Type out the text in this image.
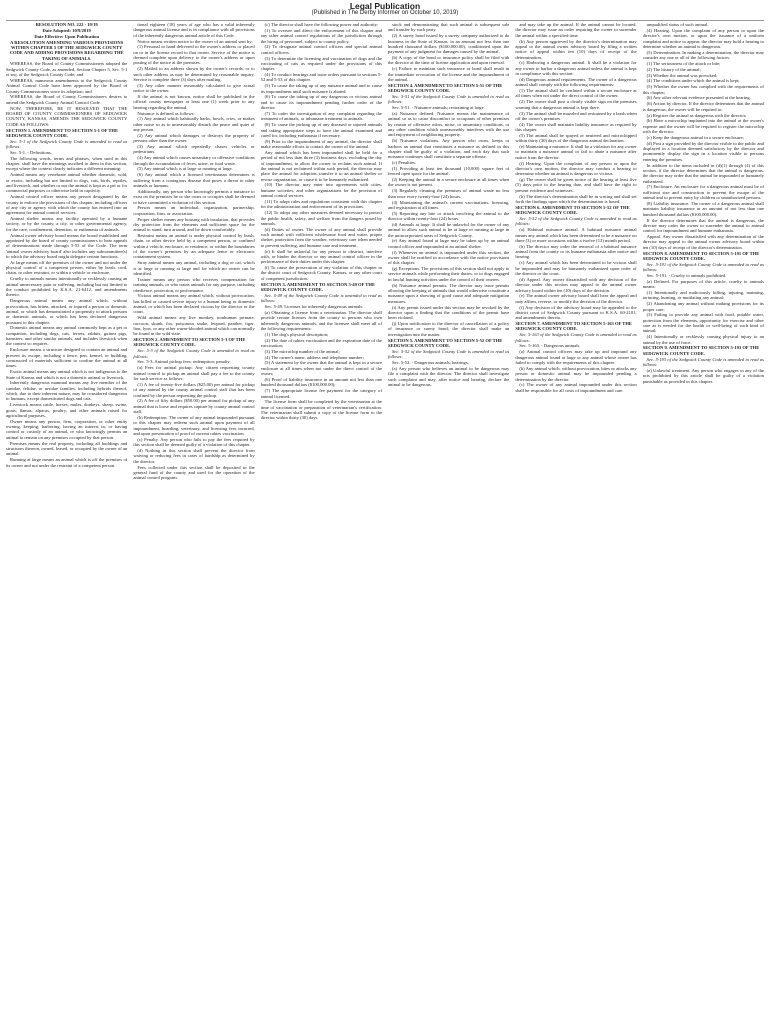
Legal Publication
(Published in The Derby Informer on October 10, 2019)

RESOLUTION NO. 222 - 19/19

Date Adopted: 10/9/2019

Date Effective: Upon Publication

A RESOLUTION AMENDING VARIOUS PROVISIONS WITHIN CHAPTER 5 OF THE SEDGWICK COUNTY CODE AND ADDING PROVISIONS REGARDING THE TAKING OF ANIMALS.

WHEREAS, the Board of County Commissioners adopted the Sedgwick County Code, as amended, Section Chapter 5, Sec. 5-1 et seq. of the Sedgwick County Code; and

WHEREAS, numerous amendments to the Sedgwick County Animal Control Code have been approved by the Board of County Commissioners since its adoption; and

WHEREAS, the Board of County Commissioners desires to amend the Sedgwick County Animal Control Code.

NOW, THEREFORE, BE IT RESOLVED THAT THE BOARD OF COUNTY COMMISSIONERS OF SEDGWICK COUNTY, KANSAS, AMENDS THE SEDGWICK COUNTY CODE AS FOLLOWS:

SECTION 1. AMENDMENT TO SECTION 5-1 OF THE SEDGWICK COUNTY CODE.

Sec. 5-1 of the Sedgwick County Code is amended to read as follows:

Sec. 5-1. - Definitions.

The following words, terms and phrases, when used in this chapter, shall have the meanings ascribed to them in this section, except where the context clearly indicates a different meaning:

Animal means any vertebrate animal whether domestic, wild, or exotic, including but not limited to dogs, cats, birds, reptiles, and livestock, and whether or not the animal is kept as a pet or for commercial purposes or otherwise held in captivity.

Animal control officer means any person designated by the county to enforce the provisions of this chapter, including officers of any city or agency with which the county has entered into an agreement for animal control services.

Animal shelter means any facility operated by a humane society, or by the county, a city, or other governmental agency, for the care, confinement, detention, or euthanasia of animals.

Animal owner advisory board means the board established and appointed by the board of county commissioners to hear appeals of determinations made through 5-55 of the Code. The term 'animal owner advisory board' also includes any subcommittee(s) to which the advisory board might delegate certain functions.

At large means off the premises of the owner and not under the physical control of a competent person, either by leash, cord, chain, or other restraint, or within a vehicle or enclosure.

Cruelty to animals means intentionally or recklessly causing an animal unnecessary pain or suffering, including but not limited to the conduct prohibited by K.S.A. 21-6412, and amendments thereto.

Dangerous animal means any animal which, without provocation, has bitten, attacked, or injured a person or domestic animal, or which has demonstrated a propensity to attack persons or domestic animals, or which has been declared dangerous pursuant to this chapter.

Domestic animal means any animal commonly kept as a pet or companion, including dogs, cats, ferrets, rabbits, guinea pigs, hamsters, and other similar animals, and includes livestock when the context so requires.

Enclosure means a structure designed to contain an animal and prevent its escape, including a fence, pen, kennel, or building, constructed of materials sufficient to confine the animal at all times.

Exotic animal means any animal which is not indigenous to the State of Kansas and which is not a domestic animal or livestock.

Inherently dangerous mammal means any live member of the canidae, felidae, or ursidae families, including hybrids thereof, which, due to their inherent nature, may be considered dangerous to humans, except domesticated dogs and cats.

Livestock means cattle, horses, mules, donkeys, sheep, swine, goats, llamas, alpacas, poultry, and other animals raised for agricultural purposes.

Owner means any person, firm, corporation, or other entity owning, keeping, harboring, having an interest in, or having control or custody of an animal, or who knowingly permits an animal to remain on any premises occupied by that person.

Premises means the real property, including all buildings and structures thereon, owned, leased, or occupied by the owner of an animal.

Running at large means an animal which is off the premises of its owner and not under the restraint of a competent person.

tional eighteen (18) years of age who has a valid inherently dangerous animal license and is in compliance with all provisions of the inherently dangerous animal article of this Code.

Notice means written notice to the owner of an animal sent by:

(1) Personal or hand delivered to the owner's address or placed on or in the license record to that owner. Service of the notice is deemed complete upon delivery to the owner's address or upon posting of the notice at the premises.

(2) Mailed to an address shown by the owner's records, or to such other address as may be determined by reasonable inquiry. Service is complete three (3) days after mailing.

(3) Any other manner reasonably calculated to give actual notice to the owner.

If the animal is not known, notice shall be published in the official county newspaper at least one (1) week prior to any hearing regarding the animal.

Nuisance is defined as follows:

(1) Any animal which habitually barks, howls, cries, or makes other noise so as to unreasonably disturb the peace and quiet of any person.

(2) Any animal which damages or destroys the property of persons other than the owner.

(3) Any animal which repeatedly chases vehicles or pedestrians.

(4) Any animal which causes unsanitary or offensive conditions through the accumulation of feces, urine, or food waste.

(5) Any animal which is at large or running at large.

(6) Any animal which a licensed veterinarian determines is suffering from a contagious disease that poses a threat to other animals or humans.

Additionally, any person who knowingly permits a nuisance to exist on the premises he or she owns or occupies shall be deemed to have committed a violation of this section.

Person means an individual, organization, partnership, corporation, firm, or association.

Proper shelter means any housing with insulation, that provides dry protection from the elements and sufficient space for the animal to stand, turn around, and lie down comfortably.

Restraint means an animal is under physical control by leash, chain, or other device held by a competent person, or confined within a vehicle, enclosure, or residence, or within the boundaries of the owner's premises by an adequate fence or electronic containment system.

Stray animal means any animal, including a dog or cat, which is at large or running at large and for which no owner can be identified.

Trainer means any person who receives compensation for training animals, or who trains animals for any purpose, including obedience, protection, or performance.

Vicious animal means any animal which, without provocation, has killed or caused severe injury to a human being or domestic animal, or which has been declared vicious by the director or the court.

Wild animal means any live monkey, nonhuman primate, raccoon, skunk, fox, poisonous snake, leopard, panther, tiger, lion, lynx, or any other warm-blooded animal which can normally be found in the wild state.

SECTION 2. AMENDMENT TO SECTION 5-3 OF THE SEDGWICK COUNTY CODE.

Sec. 5-3 of the Sedgwick County Code is amended to read as follows:

Sec. 5-3. Animal pickup fees; redemption; penalty.

(a) Fees for animal pickup. Any citizen requesting county animal control to pickup an animal shall pay a fee to the county for such service as follows:

(1) A fee of twenty-five dollars ($25.00) per animal for pickup of any animal by the county animal control staff that has been confined by the person requesting the pickup.

(2) A fee of fifty dollars ($50.00) per animal for pickup of any animal that is loose and requires capture by county animal control staff.

(b) Redemption. The owner of any animal impounded pursuant to this chapter may redeem such animal upon payment of all impoundment, boarding, veterinary, and licensing fees incurred, and upon presentation of proof of current rabies vaccination.

(c) Penalty. Any person who fails to pay the fees required by this section shall be deemed guilty of a violation of this chapter.

(d) Nothing in this section shall prevent the director from waiving or reducing fees in cases of hardship as determined by the director.

Fees collected under this section shall be deposited in the general fund of the county and used for the operation of the animal control program.

(c) The director shall have the following power and authority:

(1) To oversee and direct the enforcement of this chapter and any other animal control regulations of the jurisdiction through the hiring of personnel, subject to county policy.

(2) To designate animal control officers and special animal control officers.

(3) To determine the licensing and vaccination of dogs and the vaccinating of cats as required under the provisions of this chapter.

(4) To conduct hearings and issue orders pursuant to sections 5-52 and 5-53 of this chapter.

(5) To cause the taking up of any nuisance animal and to cause its impoundment until such nuisance is abated.

(6) To cause the taking up of any dangerous or vicious animal and to cause its impoundment pending further order of the director.

(7) To order the investigation of any complaint regarding the treatment of animals, or inhumane treatment to animals.

(8) To cause the picking up of any diseased or injured animals and taking appropriate steps to have the animal examined and cared for, including euthanasia if necessary.

(9) Prior to the impoundment of any animal, the director shall make reasonable efforts to contact the owner of the animal.

Any animal which has been impounded shall be held for a period of not less than three (3) business days, excluding the day of impoundment, to allow the owner to reclaim such animal. If the animal is not reclaimed within such period, the director may place the animal for adoption, transfer it to an animal shelter or rescue organization, or cause it to be humanely euthanized.

(10) The director may enter into agreements with cities, humane societies, and other organizations for the provision of animal control services.

(11) To adopt rules and regulations consistent with this chapter for the administration and enforcement of its provisions.

(12) To adopt any other measures deemed necessary to protect the public health, safety, and welfare from the dangers posed by animals.

(d) Duties of owner. The owner of any animal shall provide such animal with sufficient wholesome food and water, proper shelter, protection from the weather, veterinary care when needed to prevent suffering, and humane care and treatment.

(e) It shall be unlawful for any person to obstruct, interfere with, or hinder the director or any animal control officer in the performance of their duties under this chapter.

(f) To cause the prosecution of any violation of this chapter in the district court of Sedgwick County, Kansas, or any other court of competent jurisdiction.

SECTION 3. AMENDMENT TO SECTION 5-49 OF THE SEDGWICK COUNTY CODE.

Sec. 5-49 of the Sedgwick County Code is amended to read as follows:

Sec. 5-49. Licenses for inherently dangerous animals.

(a) Obtaining a license from a veterinarian. The director shall provide certain licenses from the county to persons who own inherently dangerous animals, and the licensee shall meet all of the following requirements:

(1) The dog's physical description;

(2) The date of rabies vaccination and the expiration date of the vaccination;

(3) The microchip number of the animal;

(4) The owner's name, address and telephone number;

(5) A statement by the owner that the animal is kept in a secure enclosure at all times when not under the direct control of the owner;

(6) Proof of liability insurance in an amount not less than one hundred thousand dollars ($100,000.00);

(7) The appropriate license fee payment for the category of animal licensed.

The license form shall be completed by the veterinarian at the time of vaccination or preparation of veterinarian's certification. The veterinarian shall submit a copy of the license form to the director within thirty (30) days.

stock and demonstrating that such animal is subsequent sale and transfer by such party.

(2) A surety bond issued by a surety company authorized to do business in the State of Kansas, in an amount not less than one hundred thousand dollars ($100,000.00), conditioned upon the payment of any judgment for damages caused by the animal.

(b) A copy of the bond or insurance policy shall be filed with the director at the time of license application and upon renewal.

(c) Failure to maintain such insurance or bond shall result in the immediate revocation of the license and the impoundment of the animal.

SECTION 4. AMENDMENT TO SECTION 5-51 OF THE SEDGWICK COUNTY CODE.

Sec. 5-51 of the Sedgwick County Code is amended to read as follows:

Sec. 5-51. - Nuisance animals; restraining at large.

(a) Nuisance defined. Nuisance means the maintenance of animal so as to cause discomfort to occupants of other premises by reason of offensive odors, noise, or unsanitary conditions, or any other condition which unreasonably interferes with the use and enjoyment of neighboring property.

(b) Nuisance violations. Any person who owns, keeps or harbors an animal that constitutes a nuisance as defined in this chapter shall be guilty of a violation, and each day that such nuisance continues shall constitute a separate offense.

(c) Penalties.

(1) Providing at least ten thousand (10,000) square feet of fenced open space for the animal.

(2) Keeping the animal in a secure enclosure at all times when the owner is not present.

(3) Regularly cleaning the premises of animal waste no less than once every twenty-four (24) hours.

(4) Maintaining the animal's current vaccinations, licensing, and registration at all times.

(5) Reporting any bite or attack involving the animal to the director within twenty-four (24) hours.

(d) Animals at large. It shall be unlawful for the owner of any animal to allow such animal to be at large or running at large in the unincorporated areas of Sedgwick County.

(e) Any animal found at large may be taken up by an animal control officer and impounded at an animal shelter.

(f) Whenever an animal is impounded under this section, the owner shall be notified in accordance with the notice provisions of this chapter.

(g) Exceptions. The provisions of this section shall not apply to service animals while performing their duties, or to dogs engaged in lawful hunting activities under the control of their owners.

(h) Nuisance animal permits. The director may issue permits allowing the keeping of animals that would otherwise constitute a nuisance upon a showing of good cause and adequate mitigation measures.

(i) Any permit issued under this section may be revoked by the director upon a finding that the conditions of the permit have been violated.

(j) Upon notification to the director of cancellation of a policy of insurance or surety bond, the director shall make an investigation into the matter.

SECTION 5. AMENDMENT TO SECTION 5-52 OF THE SEDGWICK COUNTY CODE.

Sec. 5-52 of the Sedgwick County Code is amended to read as follows:

Sec. 5-52. - Dangerous animals; hearings.

(a) Any person who believes an animal to be dangerous may file a complaint with the director. The director shall investigate such complaint and may, after notice and hearing, declare the animal to be dangerous.

and may take up the animal. If the animal cannot be located, the director may issue an order requiring the owner to surrender the animal within a specified time.

(b) Any person aggrieved by the director's determination may appeal to the animal owner advisory board by filing a written notice of appeal within ten (10) days of receipt of the determination.

(c) Harboring a dangerous animal. It shall be a violation for any owner to harbor a dangerous animal unless the animal is kept in compliance with this section.

(d) Dangerous animal requirements. The owner of a dangerous animal shall comply with the following requirements:

(1) The animal shall be confined within a secure enclosure at all times when not under the direct control of the owner.

(2) The owner shall post a clearly visible sign on the premises warning that a dangerous animal is kept there.

(3) The animal shall be muzzled and restrained by a leash when off the owner's premises.

(4) The owner shall maintain liability insurance as required by this chapter.

(5) The animal shall be spayed or neutered and microchipped within thirty (30) days of the dangerous animal declaration.

(e) Maintaining a nuisance. It shall be a violation for any owner to maintain a nuisance animal or fail to abate a nuisance after notice from the director.

(f) Hearing. Upon the complaint of any person or upon the director's own motion, the director may conduct a hearing to determine whether an animal is dangerous or vicious.

(g) The owner shall be given notice of the hearing at least five (5) days prior to the hearing date, and shall have the right to present evidence and witnesses.

(h) The director's determination shall be in writing and shall set forth the findings upon which the determination is based.

SECTION 6. AMENDMENT TO SECTION 5-52 OF THE SEDGWICK COUNTY CODE.

Sec. 5-52 of the Sedgwick County Code is amended to read as follows:

(a) Habitual nuisance animal. A habitual nuisance animal means any animal which has been determined to be a nuisance on three (3) or more occasions within a twelve (12) month period.

(b) The director may order the removal of a habitual nuisance animal from the county or its humane euthanasia after notice and hearing.

(c) Any animal which has been determined to be vicious shall be impounded and may be humanely euthanized upon order of the director or the court.

(d) Appeal. Any owner dissatisfied with any decision of the director under this section may appeal to the animal owner advisory board within ten (10) days of the decision.

(e) The animal owner advisory board shall hear the appeal and may affirm, reverse, or modify the decision of the director.

(f) Any decision of the advisory board may be appealed to the district court of Sedgwick County pursuant to K.S.A. 60-2101, and amendments thereto.

SECTION 7. AMENDMENT TO SECTION 5-163 OF THE SEDGWICK COUNTY CODE.

Sec. 5-163 of the Sedgwick County Code is amended to read as follows:

Sec. 5-163. - Dangerous animals.

(a) Animal control officers may take up and impound any dangerous animal found at large or any animal whose owner has failed to comply with the requirements of this chapter.

(b) Any animal which, without provocation, bites or attacks any person or domestic animal may be impounded pending a determination by the director.

(c) The owner of any animal impounded under this section shall be responsible for all costs of impoundment and care.

unqualified status of such animal.

(4) Hearing. Upon the complaint of any person or upon the director's own motion, or upon the issuance of a uniform complaint and notice to appear, the director may hold a hearing to determine whether an animal is dangerous.

(5) Determination. In making a determination, the director may consider any one or all of the following factors:

(1) The seriousness of the attack or bite;

(2) The history of the animal;

(3) Whether the animal was provoked;

(4) The conditions under which the animal is kept;

(5) Whether the owner has complied with the requirements of this chapter;

(6) Any other relevant evidence presented at the hearing.

(6) Action by director. If the director determines that the animal is dangerous, the owner will be required to:

(a) Register the animal as dangerous with the director;

(b) Have a microchip implanted into the animal at the owner's expense and the owner will be required to register the microchip with the director;

(c) Keep the dangerous animal in a secure enclosure;

(d) Post a sign provided by the director visible to the public and displayed in a location deemed satisfactory by the director and prominently display the sign in a location visible to persons entering the premises.

In addition to the items included in (d)(1) through (4) of this section, if the director determines that the animal is dangerous, the director may order that the animal be impounded or humanely euthanized.

(7) Enclosure. An enclosure for a dangerous animal must be of sufficient size and construction to prevent the escape of the animal and to prevent entry by children or unauthorized persons.

(8) Liability insurance. The owner of a dangerous animal shall maintain liability insurance in an amount of not less than one hundred thousand dollars ($100,000.00).

If the director determines that the animal is dangerous, the director may order the owner to surrender the animal to animal control for impoundment and humane euthanasia.

Appeal. Any owner dissatisfied with any determination of the director may appeal to the animal owner advisory board within ten (10) days of receipt of the director's determination.

SECTION 8. AMENDMENT TO SECTION 5-191 OF THE SEDGWICK COUNTY CODE.

Sec. 5-191 of the Sedgwick County Code is amended to read as follows:

Sec. 5-191. - Cruelty to animals prohibited.

(a) Defined. For purposes of this article, cruelty to animals means:

(1) Intentionally and maliciously killing, injuring, maiming, torturing, burning, or mutilating any animal;

(2) Abandoning any animal without making provisions for its proper care;

(3) Failing to provide any animal with food, potable water, protection from the elements, opportunity for exercise and other care as is needed for the health or well-being of such kind of animal;

(4) Intentionally or recklessly causing physical injury to an animal by the use of force.

SECTION 9. AMENDMENT TO SECTION 5-193 OF THE SEDGWICK COUNTY CODE.

Sec. 5-193 of the Sedgwick County Code is amended to read as follows:

(a) Unlawful treatment. Any person who engages in any of the acts prohibited by this article shall be guilty of a violation punishable as provided in this chapter.
